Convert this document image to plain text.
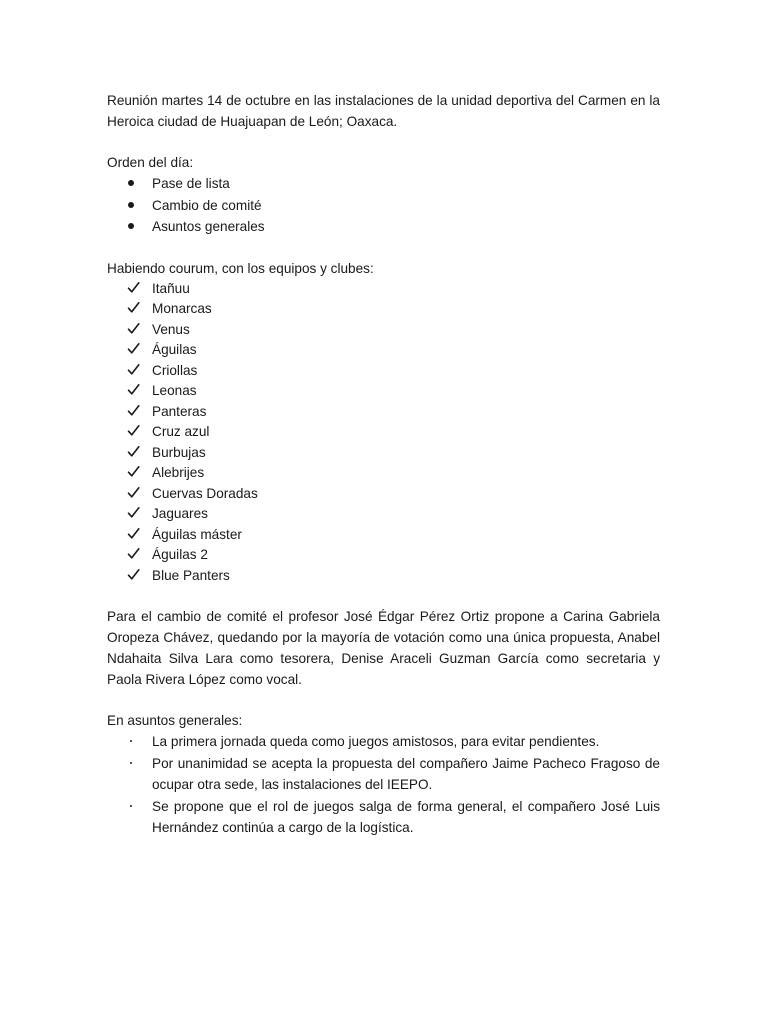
Reunión martes 14 de octubre en las instalaciones de la unidad deportiva del Carmen en la Heroica ciudad de Huajuapan de León; Oaxaca.

Orden del día:

Pase de lista
Cambio de comité
Asuntos generales

Habiendo courum, con los equipos y clubes:

Itañuu
Monarcas
Venus
Águilas
Criollas
Leonas
Panteras
Cruz azul
Burbujas
Alebrijes
Cuervas Doradas
Jaguares
Águilas máster
Águilas 2
Blue Panters

Para el cambio de comité el profesor José Édgar Pérez Ortiz propone a Carina Gabriela Oropeza Chávez, quedando por la mayoría de votación como una única propuesta, Anabel Ndahaita Silva Lara como tesorera, Denise Araceli Guzman García como secretaria y Paola Rivera López como vocal.

En asuntos generales:

La primera jornada queda como juegos amistosos, para evitar pendientes.
Por unanimidad se acepta la propuesta del compañero Jaime Pacheco Fragoso de ocupar otra sede, las instalaciones del IEEPO.
Se propone que el rol de juegos salga de forma general, el compañero José Luis Hernández continúa a cargo de la logística.
